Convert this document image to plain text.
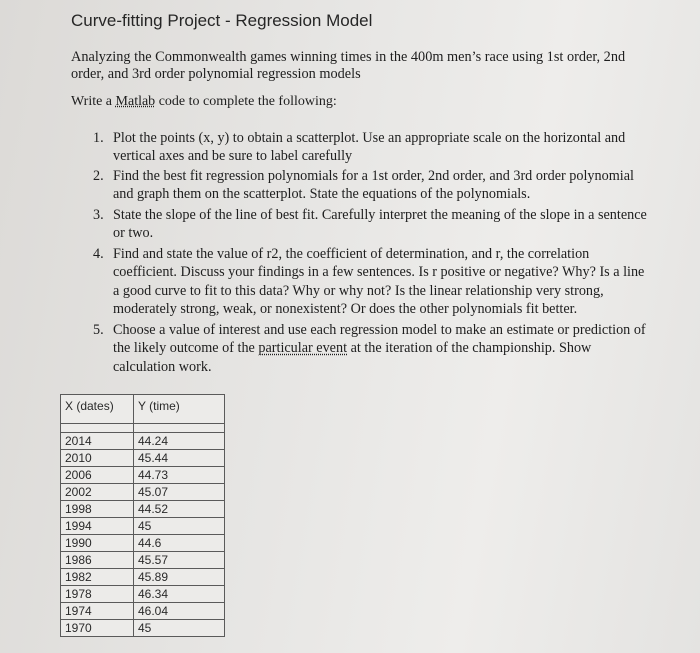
Curve-fitting Project - Regression Model
Analyzing the Commonwealth games winning times in the 400m men’s race using 1st order, 2nd order, and 3rd order polynomial regression models
Write a Matlab code to complete the following:
1. Plot the points (x, y) to obtain a scatterplot. Use an appropriate scale on the horizontal and vertical axes and be sure to label carefully
2. Find the best fit regression polynomials for a 1st order, 2nd order, and 3rd order polynomial and graph them on the scatterplot. State the equations of the polynomials.
3. State the slope of the line of best fit. Carefully interpret the meaning of the slope in a sentence or two.
4. Find and state the value of r2, the coefficient of determination, and r, the correlation coefficient. Discuss your findings in a few sentences. Is r positive or negative? Why? Is a line a good curve to fit to this data? Why or why not? Is the linear relationship very strong, moderately strong, weak, or nonexistent? Or does the other polynomials fit better.
5. Choose a value of interest and use each regression model to make an estimate or prediction of the likely outcome of the particular event at the iteration of the championship. Show calculation work.
X (dates)	Y (time)

2014	44.24
2010	45.44
2006	44.73
2002	45.07
1998	44.52
1994	45
1990	44.6
1986	45.57
1982	45.89
1978	46.34
1974	46.04
1970	45
